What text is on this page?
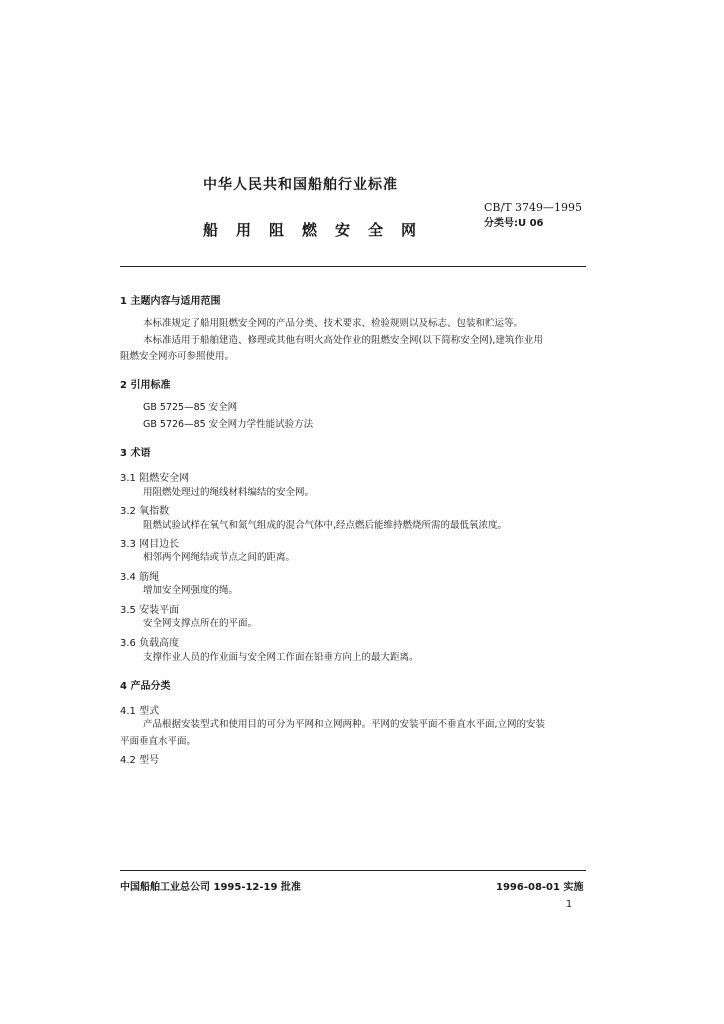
中华人民共和国船舶行业标准
CB/T 3749—1995
分类号:U 06
船用阻燃安全网
1 主题内容与适用范围
本标准规定了船用阻燃安全网的产品分类、技术要求、检验规则以及标志、包装和贮运等。
本标准适用于船舶建造、修理或其他有明火高处作业的阻燃安全网(以下简称安全网),建筑作业用
阻燃安全网亦可参照使用。
2 引用标准
GB 5725—85 安全网
GB 5726—85 安全网力学性能试验方法
3 术语
3.1 阻燃安全网
用阻燃处理过的绳线材料编结的安全网。
3.2 氧指数
阻燃试验试样在氧气和氮气组成的混合气体中,经点燃后能维持燃烧所需的最低氧浓度。
3.3 网目边长
相邻两个网绳结或节点之间的距离。
3.4 筋绳
增加安全网强度的绳。
3.5 安装平面
安全网支撑点所在的平面。
3.6 负载高度
支撑作业人员的作业面与安全网工作面在铅垂方向上的最大距离。
4 产品分类
4.1 型式
产品根据安装型式和使用目的可分为平网和立网两种。平网的安装平面不垂直水平面,立网的安装
平面垂直水平面。
4.2 型号
中国船舶工业总公司 1995-12-19 批准	1996-08-01 实施
1
